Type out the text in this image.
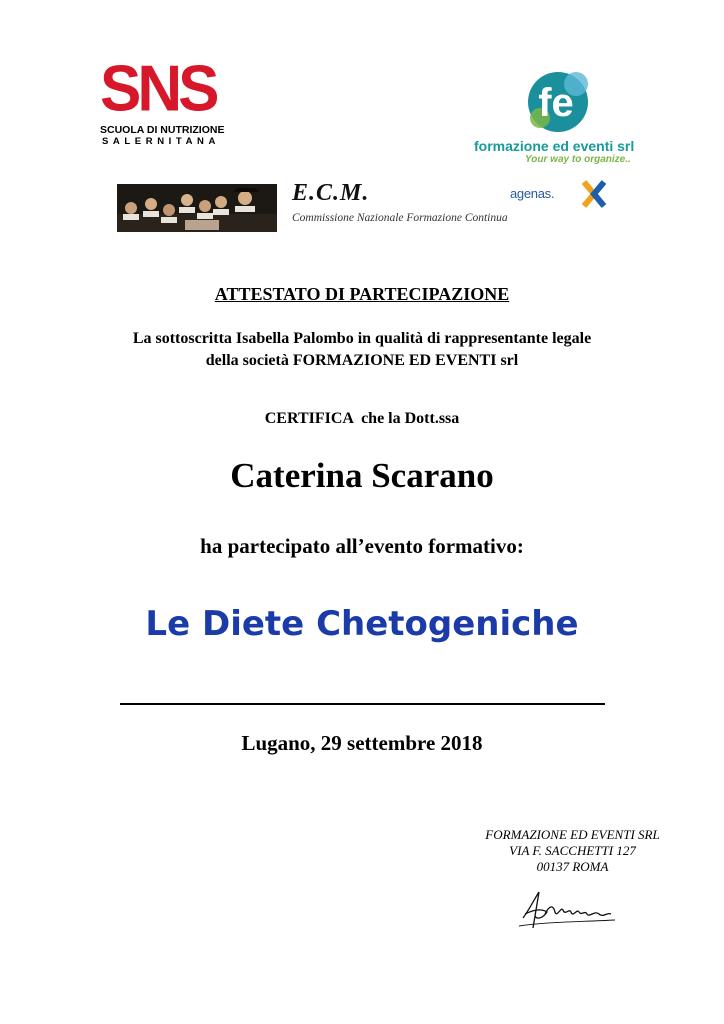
SNS
SCUOLA DI NUTRIZIONE
SALERNITANA
fe
formazione ed eventi srl
Your way to organize..
E.C.M.
Commissione Nazionale Formazione Continua
agenas.
ATTESTATO DI PARTECIPAZIONE
La sottoscritta Isabella Palombo in qualità di rappresentante legale
della società FORMAZIONE ED EVENTI srl
CERTIFICA  che la Dott.ssa
Caterina Scarano
ha partecipato all’evento formativo:
Le Diete Chetogeniche
Lugano, 29 settembre 2018
FORMAZIONE ED EVENTI SRL
VIA F. SACCHETTI 127
00137 ROMA
